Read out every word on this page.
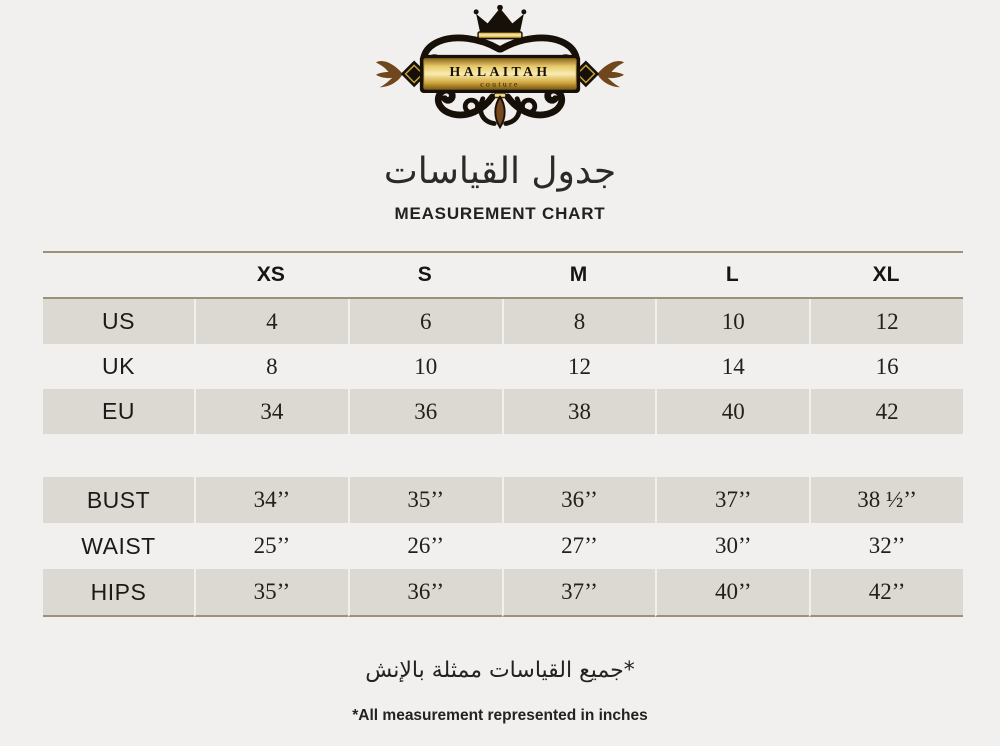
HALAITAH
couture
جدول القياسات
MEASUREMENT CHART
	XS	S	M	L	XL
US	4	6	8	10	12
UK	8	10	12	14	16
EU	34	36	38	40	42

BUST	34’’	35’’	36’’	37’’	38 ½’’
WAIST	25’’	26’’	27’’	30’’	32’’
HIPS	35’’	36’’	37’’	40’’	42’’
*جميع القياسات ممثلة بالإنش
*All measurement represented in inches
